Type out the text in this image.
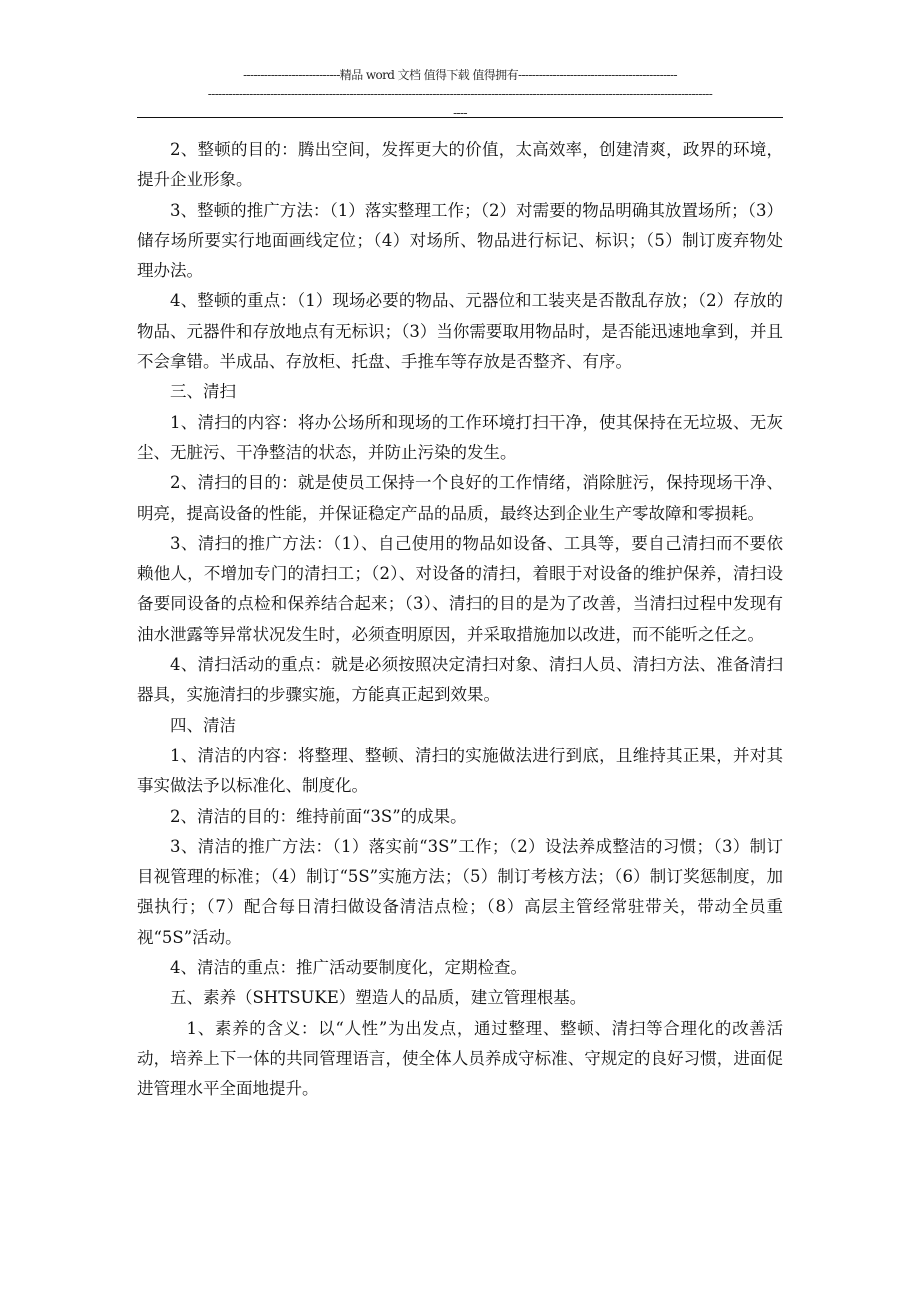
----------------------------精品 word 文档 值得下载 值得拥有----------------------------------------------
--------------------------------------------------------------------------------------------------------------------------------------------------
----

2、整顿的目的：腾出空间，发挥更大的价值，太高效率，创建清爽，政界的环境，提升企业形象。

3、整顿的推广方法：（1）落实整理工作；（2）对需要的物品明确其放置场所；（3）储存场所要实行地面画线定位；（4）对场所、物品进行标记、标识；（5）制订废弃物处理办法。

4、整顿的重点：（1）现场必要的物品、元器位和工装夹是否散乱存放；（2）存放的物品、元器件和存放地点有无标识；（3）当你需要取用物品时，是否能迅速地拿到，并且不会拿错。半成品、存放柜、托盘、手推车等存放是否整齐、有序。

三、清扫

1、清扫的内容：将办公场所和现场的工作环境打扫干净，使其保持在无垃圾、无灰尘、无脏污、干净整洁的状态，并防止污染的发生。

2、清扫的目的：就是使员工保持一个良好的工作情绪，消除脏污，保持现场干净、明亮，提高设备的性能，并保证稳定产品的品质，最终达到企业生产零故障和零损耗。

3、清扫的推广方法：（1）、自己使用的物品如设备、工具等，要自己清扫而不要依赖他人，不增加专门的清扫工；（2）、对设备的清扫，着眼于对设备的维护保养，清扫设备要同设备的点检和保养结合起来；（3）、清扫的目的是为了改善，当清扫过程中发现有油水泄露等异常状况发生时，必须查明原因，并采取措施加以改进，而不能听之任之。

4、清扫活动的重点：就是必须按照决定清扫对象、清扫人员、清扫方法、准备清扫器具，实施清扫的步骤实施，方能真正起到效果。

四、清洁

1、清洁的内容：将整理、整顿、清扫的实施做法进行到底，且维持其正果，并对其事实做法予以标准化、制度化。

2、清洁的目的：维持前面“3S”的成果。

3、清洁的推广方法：（1）落实前“3S”工作；（2）设法养成整洁的习惯；（3）制订目视管理的标准；（4）制订“5S”实施方法；（5）制订考核方法；（6）制订奖惩制度，加强执行；（7）配合每日清扫做设备清洁点检；（8）高层主管经常驻带关，带动全员重视“5S”活动。

4、清洁的重点：推广活动要制度化，定期检查。

五、素养（SHTSUKE）塑造人的品质，建立管理根基。

1、素养的含义：以“人性”为出发点，通过整理、整顿、清扫等合理化的改善活动，培养上下一体的共同管理语言，使全体人员养成守标准、守规定的良好习惯，进面促进管理水平全面地提升。
